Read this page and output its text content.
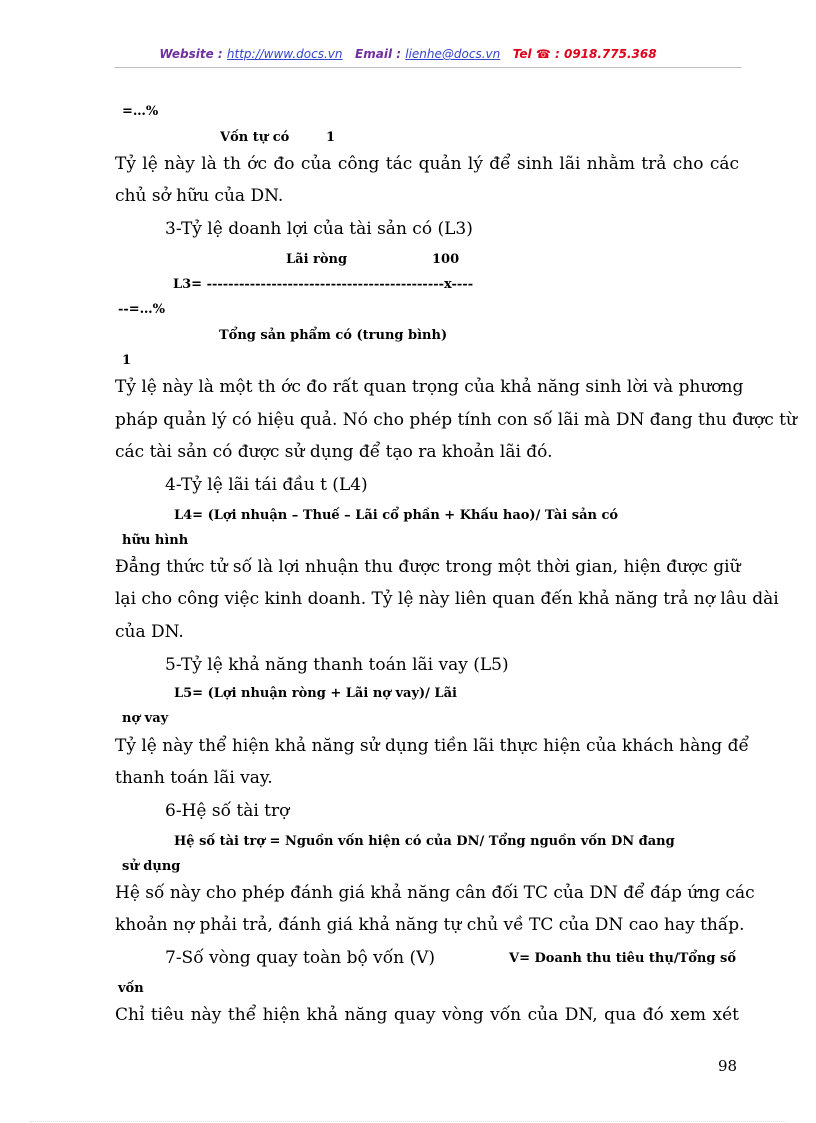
Website : http://www.docs.vn Email : lienhe@docs.vn Tel ☎ : 0918.775.368
=…%
Vốn tự có	1
Tỷ lệ này là th ớc đo của công tác quản lý để sinh lãi nhằm trả cho các
chủ sở hữu của DN.
3-Tỷ lệ doanh lợi của tài sản có (L3)
Lãi ròng	100
L3= --------------------------------------------x----
--=…%
Tổng sản phẩm có (trung bình)
1
Tỷ lệ này là một th ớc đo rất quan trọng của khả năng sinh lời và phương
pháp quản lý có hiệu quả. Nó cho phép tính con số lãi mà DN đang thu được từ
các tài sản có được sử dụng để tạo ra khoản lãi đó.
4-Tỷ lệ lãi tái đầu t (L4)
L4= (Lợi nhuận – Thuế – Lãi cổ phần + Khấu hao)/ Tài sản có
hữu hình
Đẳng thức tử số là lợi nhuận thu được trong một thời gian, hiện được giữ
lại cho công việc kinh doanh. Tỷ lệ này liên quan đến khả năng trả nợ lâu dài
của DN.
5-Tỷ lệ khả năng thanh toán lãi vay (L5)
L5= (Lợi nhuận ròng + Lãi nợ vay)/ Lãi
nợ vay
Tỷ lệ này thể hiện khả năng sử dụng tiền lãi thực hiện của khách hàng để
thanh toán lãi vay.
6-Hệ số tài trợ
Hệ số tài trợ = Nguồn vốn hiện có của DN/ Tổng nguồn vốn DN đang
sử dụng
Hệ số này cho phép đánh giá khả năng cân đối TC của DN để đáp ứng các
khoản nợ phải trả, đánh giá khả năng tự chủ về TC của DN cao hay thấp.
7-Số vòng quay toàn bộ vốn (V)	V= Doanh thu tiêu thụ/Tổng số
vốn
Chỉ tiêu này thể hiện khả năng quay vòng vốn của DN, qua đó xem xét
98
